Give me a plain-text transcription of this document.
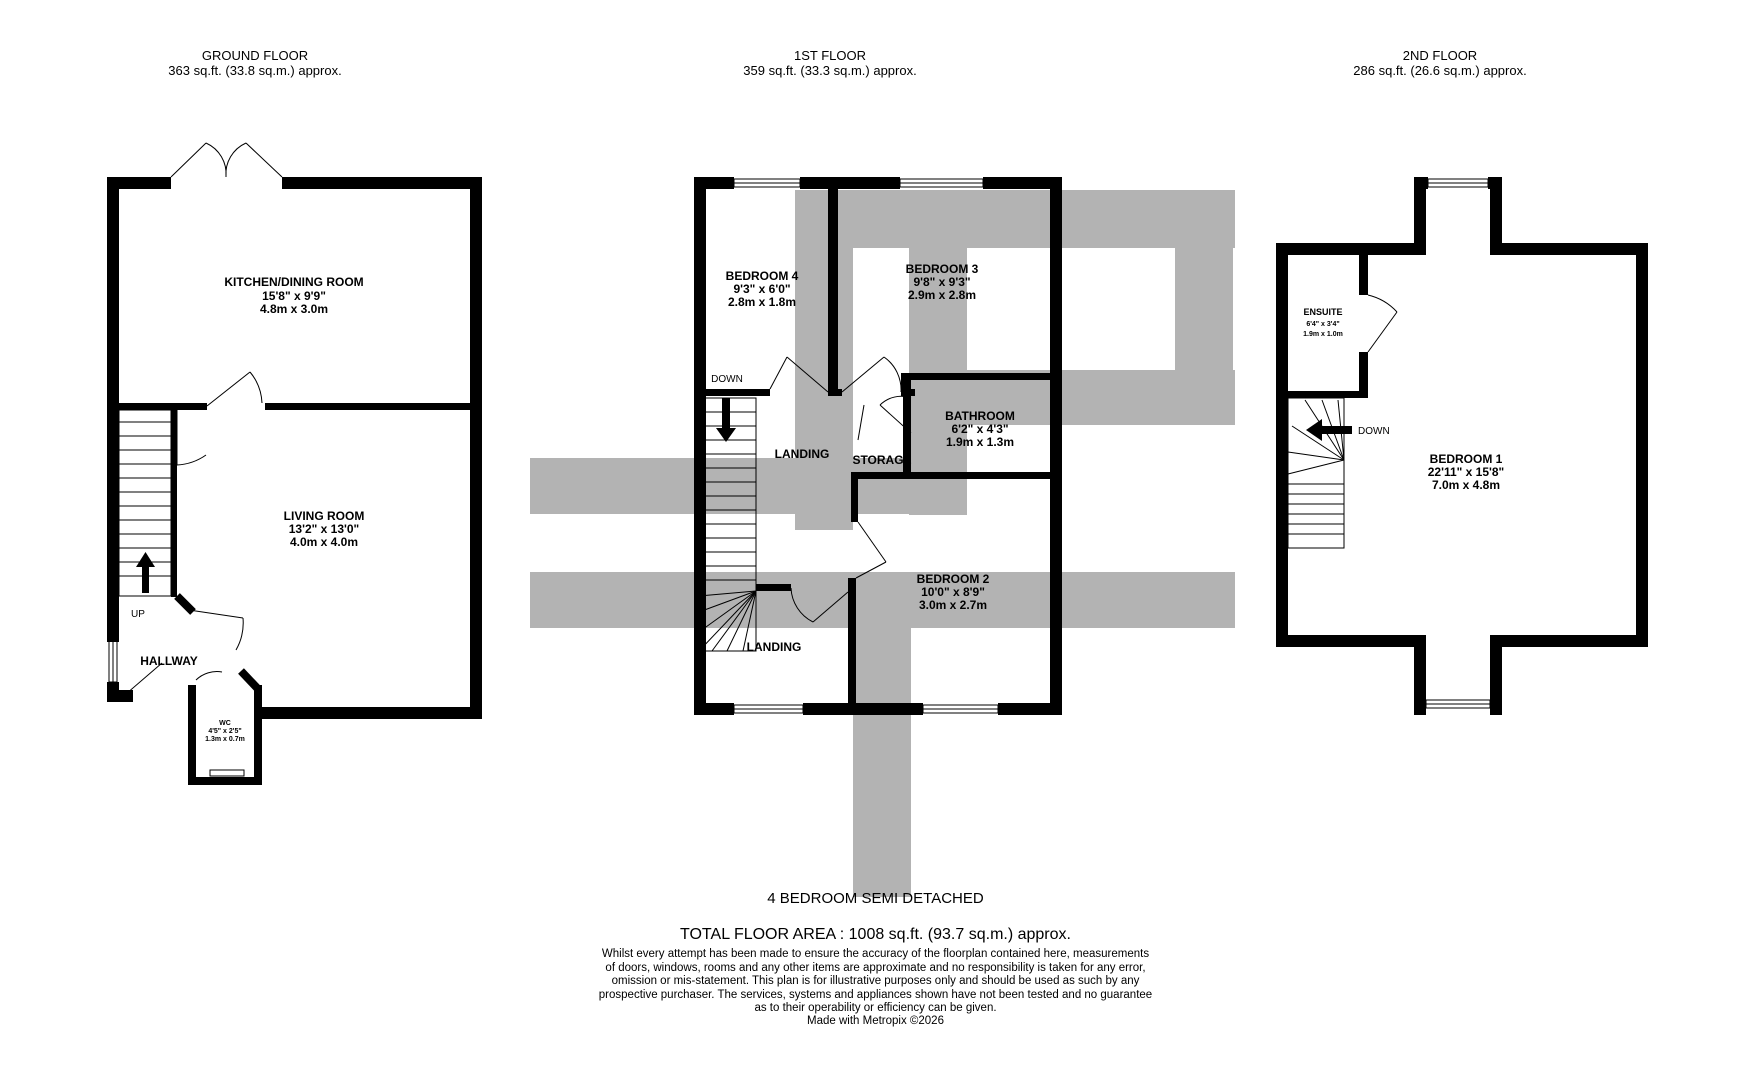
GROUND FLOOR
363 sq.ft. (33.8 sq.m.) approx.
1ST FLOOR
359 sq.ft. (33.3 sq.m.) approx.
2ND FLOOR
286 sq.ft. (26.6 sq.m.) approx.
UP
KITCHEN/DINING ROOM
15'8" x 9'9"
4.8m x 3.0m
LIVING ROOM
13'2" x 13'0"
4.0m x 4.0m
HALLWAY
WC
4'5" x 2'5"
1.3m x 0.7m
DOWN
BEDROOM 4
9'3" x 6'0"
2.8m x 1.8m
BEDROOM 3
9'8" x 9'3"
2.9m x 2.8m
BATHROOM
6'2" x 4'3"
1.9m x 1.3m
LANDING STORAGE
BEDROOM 2
10'0" x 8'9"
3.0m x 2.7m
LANDING
DOWN
ENSUITE
6'4" x 3'4"
1.9m x 1.0m
BEDROOM 1
22'11" x 15'8"
7.0m x 4.8m
4 BEDROOM SEMI DETACHED
TOTAL FLOOR AREA : 1008 sq.ft. (93.7 sq.m.) approx.
Whilst every attempt has been made to ensure the accuracy of the floorplan contained here, measurements
of doors, windows, rooms and any other items are approximate and no responsibility is taken for any error,
omission or mis-statement. This plan is for illustrative purposes only and should be used as such by any
prospective purchaser. The services, systems and appliances shown have not been tested and no guarantee
as to their operability or efficiency can be given.
Made with Metropix ©2026
